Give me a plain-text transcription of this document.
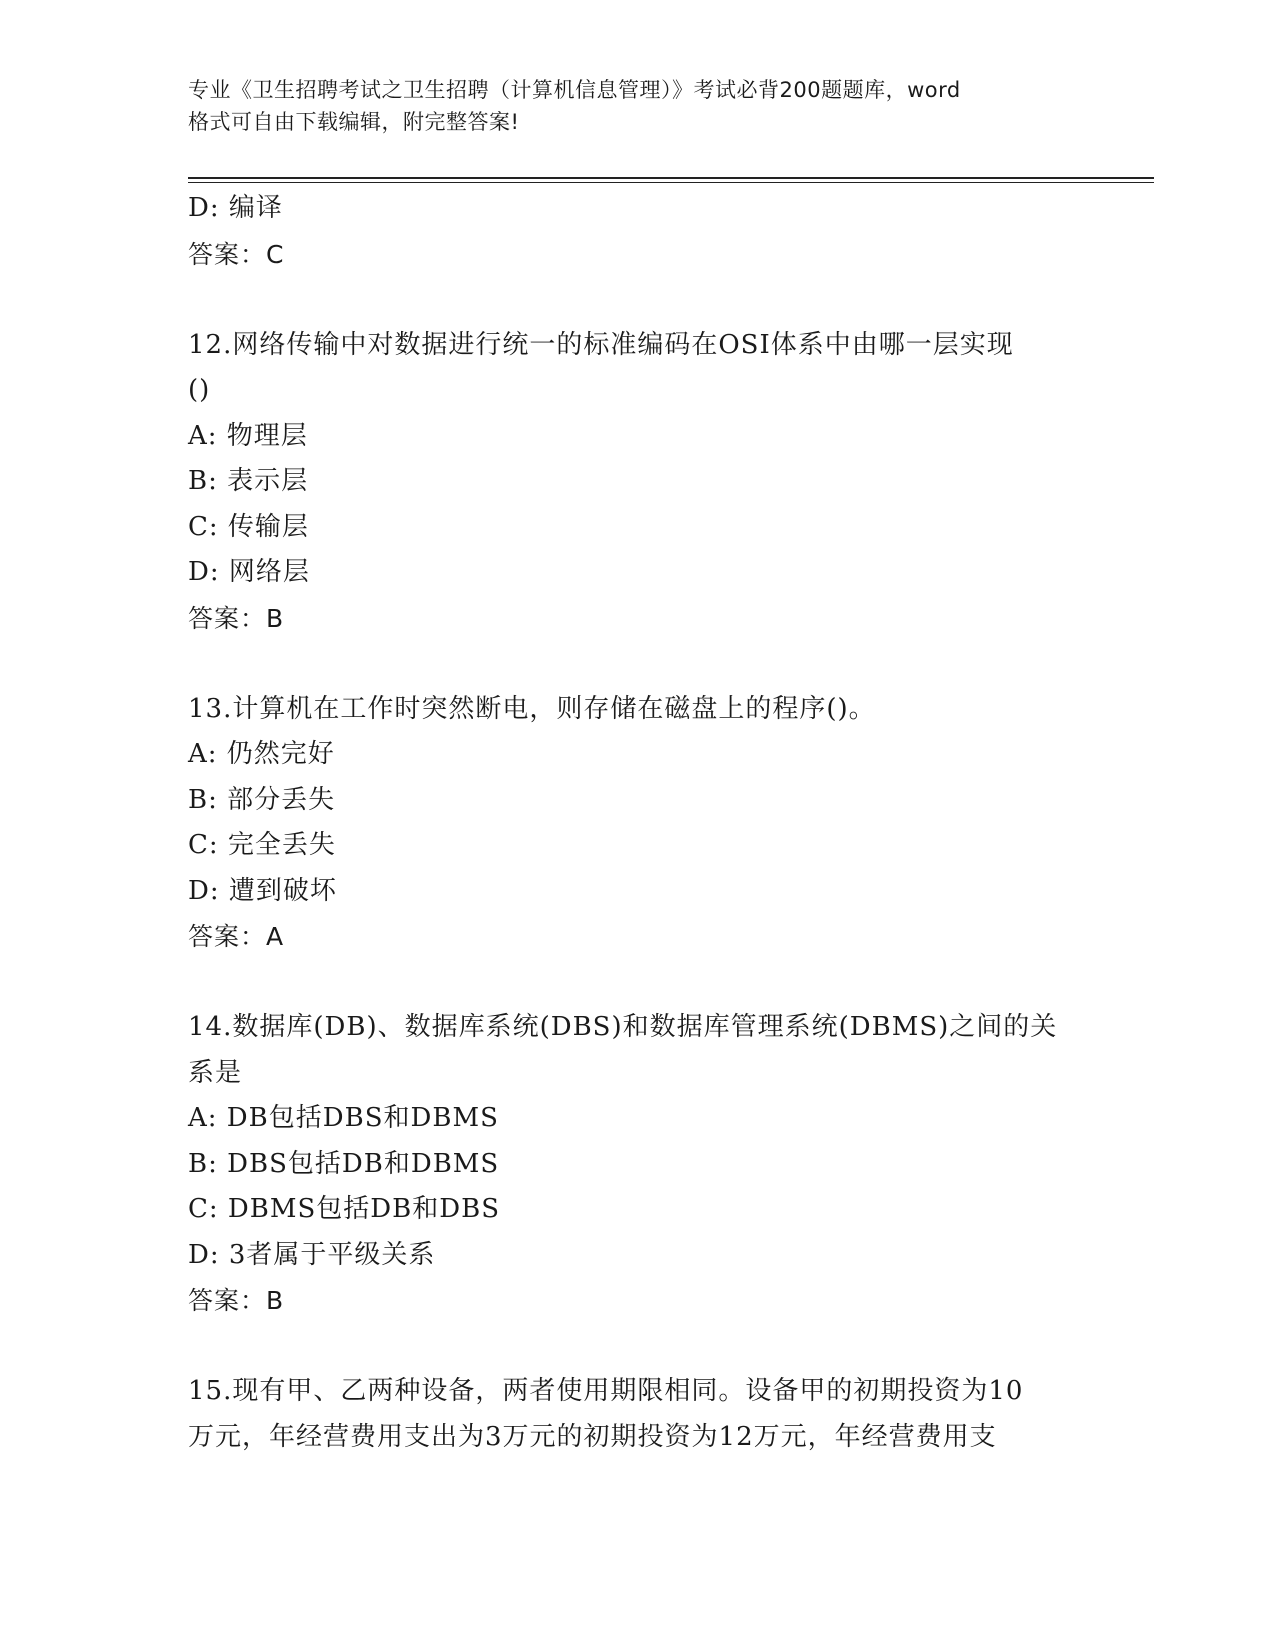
专业《卫生招聘考试之卫生招聘（计算机信息管理）》考试必背200题题库，word
格式可自由下载编辑，附完整答案!
D: 编译
答案：C
12.网络传输中对数据进行统一的标准编码在OSI体系中由哪一层实现
()
A: 物理层
B: 表示层
C: 传输层
D: 网络层
答案：B
13.计算机在工作时突然断电，则存储在磁盘上的程序()。
A: 仍然完好
B: 部分丢失
C: 完全丢失
D: 遭到破坏
答案：A
14.数据库(DB)、数据库系统(DBS)和数据库管理系统(DBMS)之间的关
系是
A: DB包括DBS和DBMS
B: DBS包括DB和DBMS
C: DBMS包括DB和DBS
D: 3者属于平级关系
答案：B
15.现有甲、乙两种设备，两者使用期限相同。设备甲的初期投资为10
万元，年经营费用支出为3万元的初期投资为12万元，年经营费用支
